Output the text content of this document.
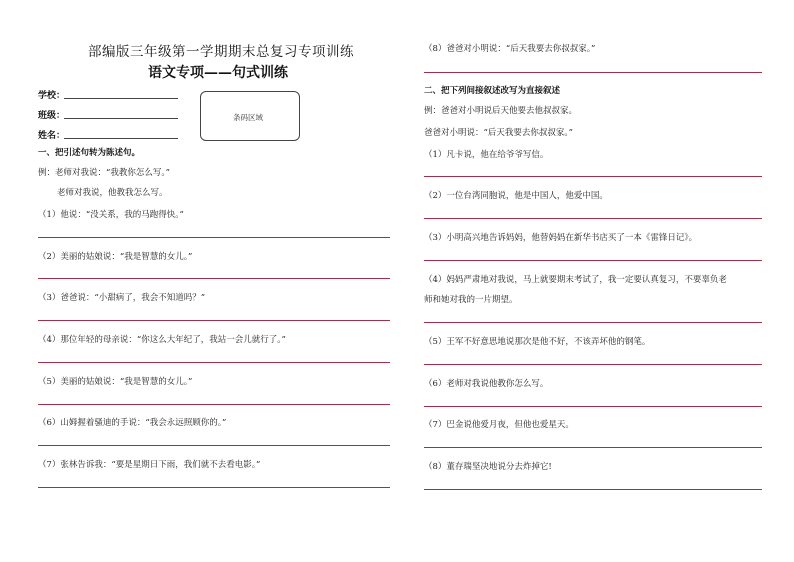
部编版三年级第一学期期末总复习专项训练
语文专项——句式训练
学校：
班级：
姓名：
条码区域
一、把引述句转为陈述句。
例：老师对我说：“我教你怎么写。”
老师对我说，他教我怎么写。
（1）他说：“没关系，我的马跑得快。”
（2）美丽的姑娘说：“我是智慧的女儿。”
（3）爸爸说：“小甜病了，我会不知道吗？”
（4）那位年轻的母亲说：“你这么大年纪了，我站一会儿就行了。”
（5）美丽的姑娘说：“我是智慧的女儿。”
（6）山姆握着骚迪的手说：“我会永远照顾你的。”
（7）张林告诉我：“要是星期日下雨，我们就不去看电影。”
（8）爸爸对小明说：“后天我要去你叔叔家。”
二、把下列间接叙述改写为直接叙述
例：爸爸对小明说后天他要去他叔叔家。
爸爸对小明说：“后天我要去你叔叔家。”
（1）凡卡说，他在给爷爷写信。
（2）一位台湾同胞说，他是中国人，他爱中国。
（3）小明高兴地告诉妈妈，他替妈妈在新华书店买了一本《雷锋日记》。
（4）妈妈严肃地对我说，马上就要期末考试了，我一定要认真复习，不要辜负老
师和她对我的一片期望。
（5）王军不好意思地说那次是他不好，不该弄坏他的钢笔。
（6）老师对我说他教你怎么写。
（7）巴金说他爱月夜，但他也爱星天。
（8）董存瑞坚决地说分去炸掉它!
